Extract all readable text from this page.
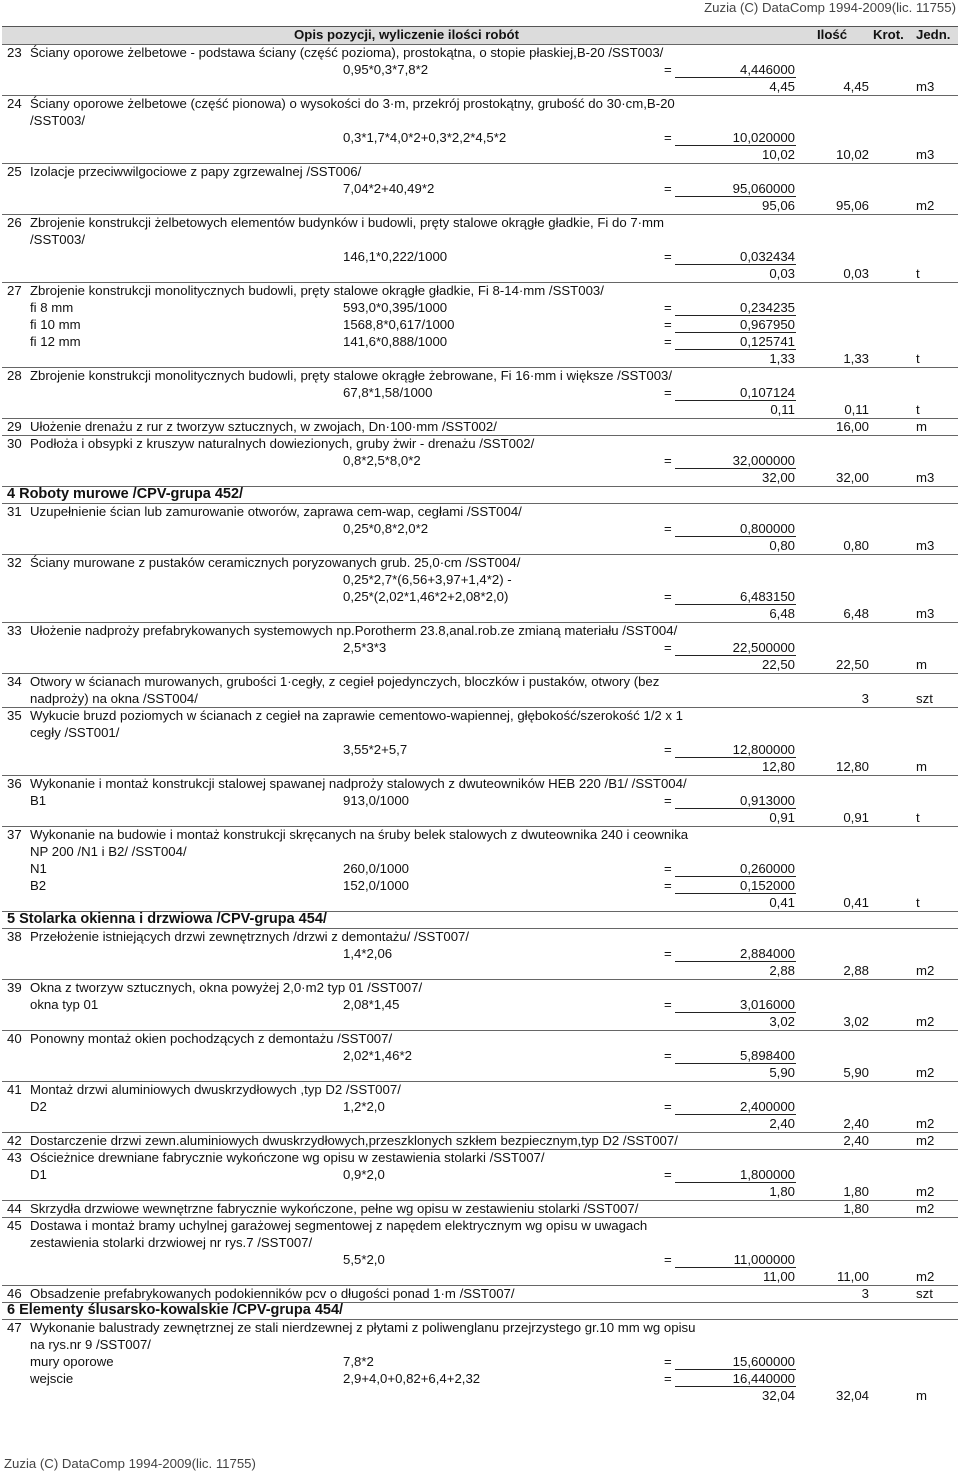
Zuzia (C) DataComp 1994-2009(lic. 11755)
Opis pozycji, wyliczenie ilości robót	Ilość Krot. Jedn.
23 Ściany oporowe żelbetowe - podstawa ściany (część pozioma), prostokątna, o stopie płaskiej,B-20 /SST003/
0,95*0,3*7,8*2	=	4,446000
4,45	4,45	m3
24 Ściany oporowe żelbetowe (część pionowa) o wysokości do 3·m, przekrój prostokątny, grubość do 30·cm,B-20
/SST003/
0,3*1,7*4,0*2+0,3*2,2*4,5*2	=	10,020000
10,02	10,02	m3
25 Izolacje przeciwwilgociowe z papy zgrzewalnej /SST006/
7,04*2+40,49*2	=	95,060000
95,06	95,06	m2
26 Zbrojenie konstrukcji żelbetowych elementów budynków i budowli, pręty stalowe okrągłe gładkie, Fi do 7·mm
/SST003/
146,1*0,222/1000	=	0,032434
0,03	0,03	t
27 Zbrojenie konstrukcji monolitycznych budowli, pręty stalowe okrągłe gładkie, Fi 8-14·mm /SST003/
fi 8 mm	593,0*0,395/1000	=	0,234235
fi 10 mm	1568,8*0,617/1000	=	0,967950
fi 12 mm	141,6*0,888/1000	=	0,125741
1,33	1,33	t
28 Zbrojenie konstrukcji monolitycznych budowli, pręty stalowe okrągłe żebrowane, Fi 16·mm i większe /SST003/
67,8*1,58/1000	=	0,107124
0,11	0,11	t
29 Ułożenie drenażu z rur z tworzyw sztucznych, w zwojach, Dn·100·mm /SST002/	16,00	m
30 Podłoża i obsypki z kruszyw naturalnych dowiezionych, gruby żwir - drenażu /SST002/
0,8*2,5*8,0*2	=	32,000000
32,00	32,00	m3
4 Roboty murowe /CPV-grupa 452/
31 Uzupełnienie ścian lub zamurowanie otworów, zaprawa cem-wap, cegłami /SST004/
0,25*0,8*2,0*2	=	0,800000
0,80	0,80	m3
32 Ściany murowane z pustaków ceramicznych poryzowanych grub. 25,0·cm /SST004/
0,25*2,7*(6,56+3,97+1,4*2) -
0,25*(2,02*1,46*2+2,08*2,0)	=	6,483150
6,48	6,48	m3
33 Ułożenie nadproży prefabrykowanych systemowych np.Porotherm 23.8,anal.rob.ze zmianą materiału /SST004/
2,5*3*3	=	22,500000
22,50	22,50	m
34 Otwory w ścianach murowanych, grubości 1·cegły, z cegieł pojedynczych, bloczków i pustaków, otwory (bez
nadproży) na okna /SST004/	3	szt
35 Wykucie bruzd poziomych w ścianach z cegieł na zaprawie cementowo-wapiennej, głębokość/szerokość 1/2 x 1
cegły /SST001/
3,55*2+5,7	=	12,800000
12,80	12,80	m
36 Wykonanie i montaż konstrukcji stalowej spawanej nadproży stalowych z dwuteowników HEB 220 /B1/ /SST004/
B1	913,0/1000	=	0,913000
0,91	0,91	t
37 Wykonanie na budowie i montaż konstrukcji skręcanych na śruby belek stalowych z dwuteownika 240 i ceownika
NP 200 /N1 i B2/ /SST004/
N1	260,0/1000	=	0,260000
B2	152,0/1000	=	0,152000
0,41	0,41	t
5 Stolarka okienna i drzwiowa /CPV-grupa 454/
38 Przełożenie istniejących drzwi zewnętrznych /drzwi z demontażu/ /SST007/
1,4*2,06	=	2,884000
2,88	2,88	m2
39 Okna z tworzyw sztucznych, okna powyżej 2,0·m2 typ 01 /SST007/
okna typ 01	2,08*1,45	=	3,016000
3,02	3,02	m2
40 Ponowny montaż okien pochodzących z demontażu /SST007/
2,02*1,46*2	=	5,898400
5,90	5,90	m2
41 Montaż drzwi aluminiowych dwuskrzydłowych ,typ D2 /SST007/
D2	1,2*2,0	=	2,400000
2,40	2,40	m2
42 Dostarczenie drzwi zewn.aluminiowych dwuskrzydłowych,przeszklonych szkłem bezpiecznym,typ D2 /SST007/	2,40	m2
43 Ościeżnice drewniane fabrycznie wykończone wg opisu w zestawienia stolarki /SST007/
D1	0,9*2,0	=	1,800000
1,80	1,80	m2
44 Skrzydła drzwiowe wewnętrzne fabrycznie wykończone, pełne wg opisu w zestawieniu stolarki /SST007/	1,80	m2
45 Dostawa i montaż bramy uchylnej garażowej segmentowej z napędem elektrycznym wg opisu w uwagach
zestawienia stolarki drzwiowej nr rys.7 /SST007/
5,5*2,0	=	11,000000
11,00	11,00	m2
46 Obsadzenie prefabrykowanych podokienników pcv o długości ponad 1·m /SST007/	3	szt
6 Elementy ślusarsko-kowalskie /CPV-grupa 454/
47 Wykonanie balustrady zewnętrznej ze stali nierdzewnej z płytami z poliwenglanu przejrzystego gr.10 mm wg opisu
na rys.nr 9 /SST007/
mury oporowe	7,8*2	=	15,600000
wejscie	2,9+4,0+0,82+6,4+2,32	=	16,440000
32,04	32,04	m
Zuzia (C) DataComp 1994-2009(lic. 11755)
